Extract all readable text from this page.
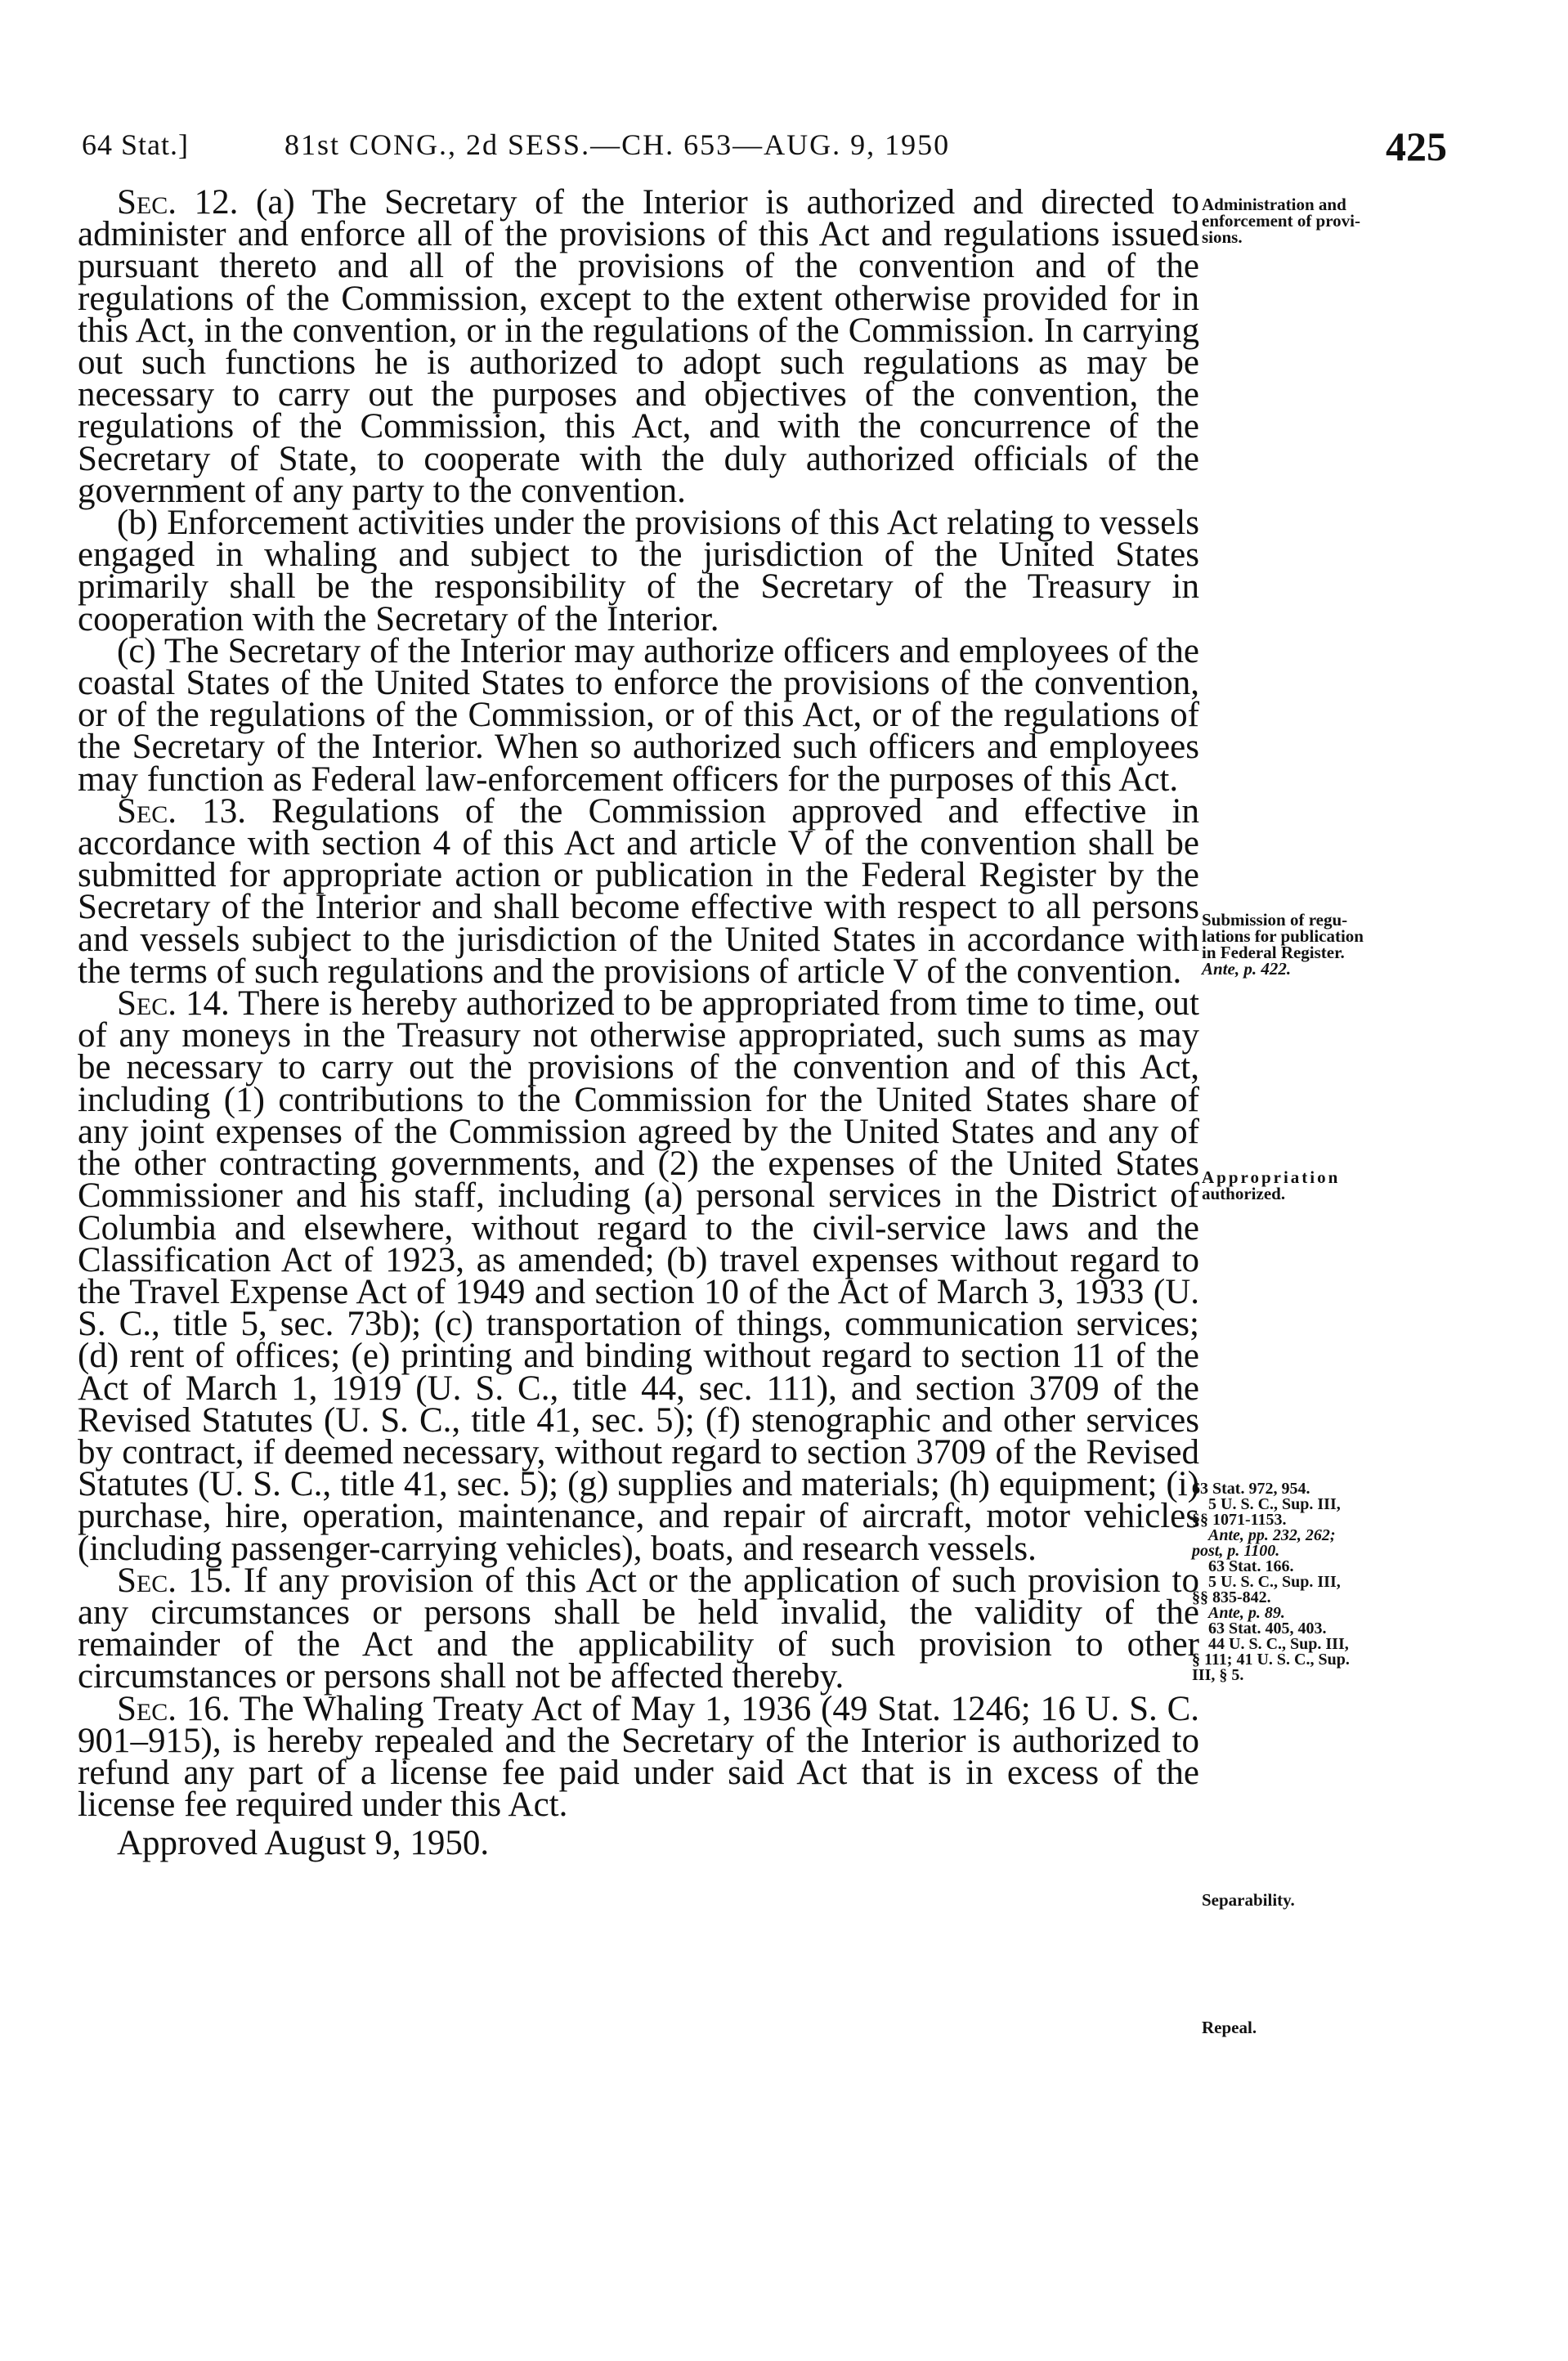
64 Stat.]	81st CONG., 2d SESS.—CH. 653—AUG. 9, 1950	425

Sec. 12. (a) The Secretary of the Interior is authorized and directed to administer and enforce all of the provisions of this Act and regulations issued pursuant thereto and all of the provisions of the convention and of the regulations of the Commission, except to the extent otherwise provided for in this Act, in the convention, or in the regulations of the Commission. In carrying out such functions he is authorized to adopt such regulations as may be necessary to carry out the purposes and objectives of the convention, the regulations of the Commission, this Act, and with the concurrence of the Secretary of State, to cooperate with the duly authorized officials of the government of any party to the convention.

(b) Enforcement activities under the provisions of this Act relating to vessels engaged in whaling and subject to the jurisdiction of the United States primarily shall be the responsibility of the Secretary of the Treasury in cooperation with the Secretary of the Interior.

(c) The Secretary of the Interior may authorize officers and employees of the coastal States of the United States to enforce the provisions of the convention, or of the regulations of the Commission, or of this Act, or of the regulations of the Secretary of the Interior. When so authorized such officers and employees may function as Federal law-enforcement officers for the purposes of this Act.

Sec. 13. Regulations of the Commission approved and effective in accordance with section 4 of this Act and article V of the convention shall be submitted for appropriate action or publication in the Federal Register by the Secretary of the Interior and shall become effective with respect to all persons and vessels subject to the jurisdiction of the United States in accordance with the terms of such regulations and the provisions of article V of the convention.

Sec. 14. There is hereby authorized to be appropriated from time to time, out of any moneys in the Treasury not otherwise appropriated, such sums as may be necessary to carry out the provisions of the convention and of this Act, including (1) contributions to the Commission for the United States share of any joint expenses of the Commission agreed by the United States and any of the other contracting governments, and (2) the expenses of the United States Commissioner and his staff, including (a) personal services in the District of Columbia and elsewhere, without regard to the civil-service laws and the Classification Act of 1923, as amended; (b) travel expenses without regard to the Travel Expense Act of 1949 and section 10 of the Act of March 3, 1933 (U. S. C., title 5, sec. 73b); (c) transportation of things, communication services; (d) rent of offices; (e) printing and binding without regard to section 11 of the Act of March 1, 1919 (U. S. C., title 44, sec. 111), and section 3709 of the Revised Statutes (U. S. C., title 41, sec. 5); (f) stenographic and other services by contract, if deemed necessary, without regard to section 3709 of the Revised Statutes (U. S. C., title 41, sec. 5); (g) supplies and materials; (h) equipment; (i) purchase, hire, operation, maintenance, and repair of aircraft, motor vehicles (including passenger-carrying vehicles), boats, and research vessels.

Sec. 15. If any provision of this Act or the application of such provision to any circumstances or persons shall be held invalid, the validity of the remainder of the Act and the applicability of such provision to other circumstances or persons shall not be affected thereby.

Sec. 16. The Whaling Treaty Act of May 1, 1936 (49 Stat. 1246; 16 U. S. C. 901–915), is hereby repealed and the Secretary of the Interior is authorized to refund any part of a license fee paid under said Act that is in excess of the license fee required under this Act.

Approved August 9, 1950.

Administration and
enforcement of provi-
sions.
Submission of regu-
lations for publication
in Federal Register.
Ante, p. 422.
Appropriation
authorized.
63 Stat. 972, 954.
5 U. S. C., Sup. III,
§§ 1071-1153.
Ante, pp. 232, 262;
post, p. 1100.
63 Stat. 166.
5 U. S. C., Sup. III,
§§ 835-842.
Ante, p. 89.
63 Stat. 405, 403.
44 U. S. C., Sup. III,
§ 111; 41 U. S. C., Sup.
III, § 5.
Separability.
Repeal.
